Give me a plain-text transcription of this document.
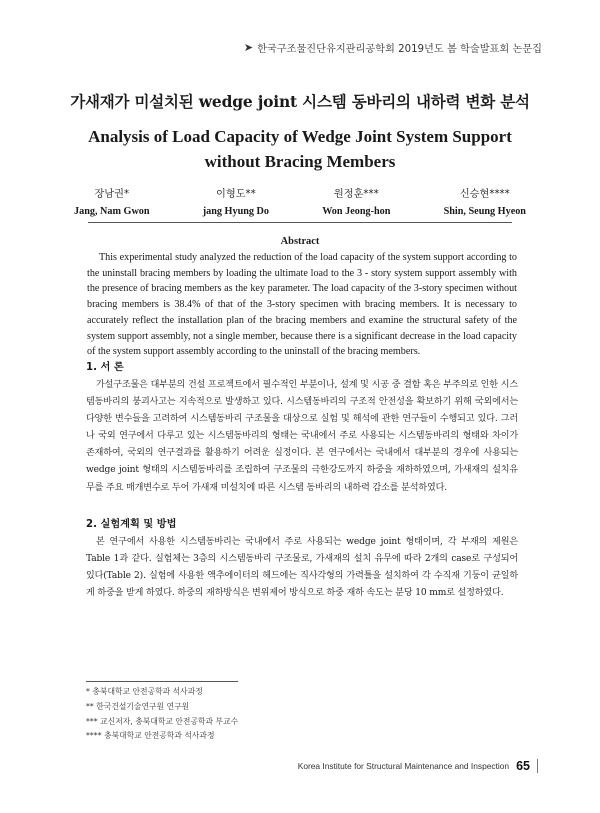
➤ 한국구조물진단유지관리공학회 2019년도 봄 학술발표회 논문집
가새재가 미설치된 wedge joint 시스템 동바리의 내하력 변화 분석
Analysis of Load Capacity of Wedge Joint System Support without Bracing Members
장남권*
Jang, Nam Gwon
이형도**
jang Hyung Do
원정훈***
Won Jeong-hon
신승현****
Shin, Seung Hyeon
Abstract

This experimental study analyzed the reduction of the load capacity of the system support according to the uninstall bracing members by loading the ultimate load to the 3 - story system support assembly with the presence of bracing members as the key parameter. The load capacity of the 3-story specimen without bracing members is 38.4% of that of the 3-story specimen with bracing members. It is necessary to accurately reflect the installation plan of the bracing members and examine the structural safety of the system support assembly, not a single member, because there is a significant decrease in the load capacity of the system support assembly according to the uninstall of the bracing members.

1. 서 론

가설구조물은 대부분의 건설 프로젝트에서 필수적인 부분이나, 설계 및 시공 중 결함 혹은 부주의로 인한 시스템동바리의 붕괴사고는 지속적으로 발생하고 있다. 시스템동바리의 구조적 안전성을 확보하기 위해 국외에서는 다양한 변수들을 고려하여 시스템동바리 구조물을 대상으로 실험 및 해석에 관한 연구들이 수행되고 있다. 그러나 국외 연구에서 다루고 있는 시스템동바리의 형태는 국내에서 주로 사용되는 시스템동바리의 형태와 차이가 존재하여, 국외의 연구결과를 활용하기 어려운 실정이다. 본 연구에서는 국내에서 대부분의 경우에 사용되는 wedge joint 형태의 시스템동바리를 조립하여 구조물의 극한강도까지 하중을 재하하였으며, 가새재의 설치유무를 주요 매개변수로 두어 가새재 미설치에 따른 시스템 동바리의 내하력 감소를 분석하였다.

2. 실험계획 및 방법

본 연구에서 사용한 시스템동바리는 국내에서 주로 사용되는 wedge joint 형태이며, 각 부재의 제원은 Table 1과 같다. 실험체는 3층의 시스템동바리 구조물로, 가새재의 설치 유무에 따라 2개의 case로 구성되어 있다(Table 2). 실험에 사용한 액추에이터의 헤드에는 직사각형의 가력틀을 설치하여 각 수직재 기둥이 균일하게 하중을 받게 하였다. 하중의 재하방식은 변위제어 방식으로 하중 재하 속도는 분당 10 mm로 설정하였다.

* 충북대학교 안전공학과 석사과정
** 한국건설기술연구원 연구원
*** 교신저자, 충북대학교 안전공학과 부교수
**** 충북대학교 안전공학과 석사과정
Korea Institute for Structural Maintenance and Inspection 65
